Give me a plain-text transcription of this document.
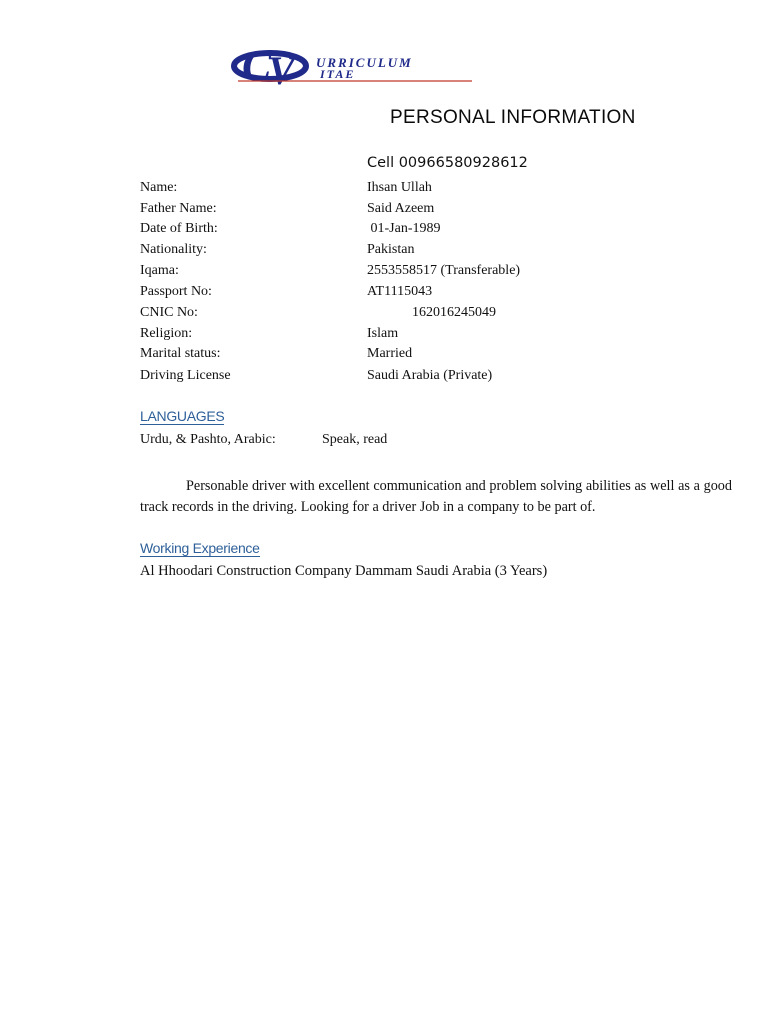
C
V URRICULUM
ITAE
PERSONAL INFORMATION
Cell 00966580928612
Name:	Ihsan Ullah
Father Name:	Said Azeem
Date of Birth:	01-Jan-1989
Nationality:	Pakistan
Iqama:	2553558517 (Transferable)
Passport No:	AT1115043
CNIC No:	162016245049
Religion:	Islam
Marital status:	Married
Driving License	Saudi Arabia (Private)
LANGUAGES
Urdu, & Pashto, Arabic:	Speak, read
Personable driver with excellent communication and problem solving abilities as well as a good track records in the driving. Looking for a driver Job in a company to be part of.
Working Experience
Al Hhoodari Construction Company Dammam Saudi Arabia (3 Years)
